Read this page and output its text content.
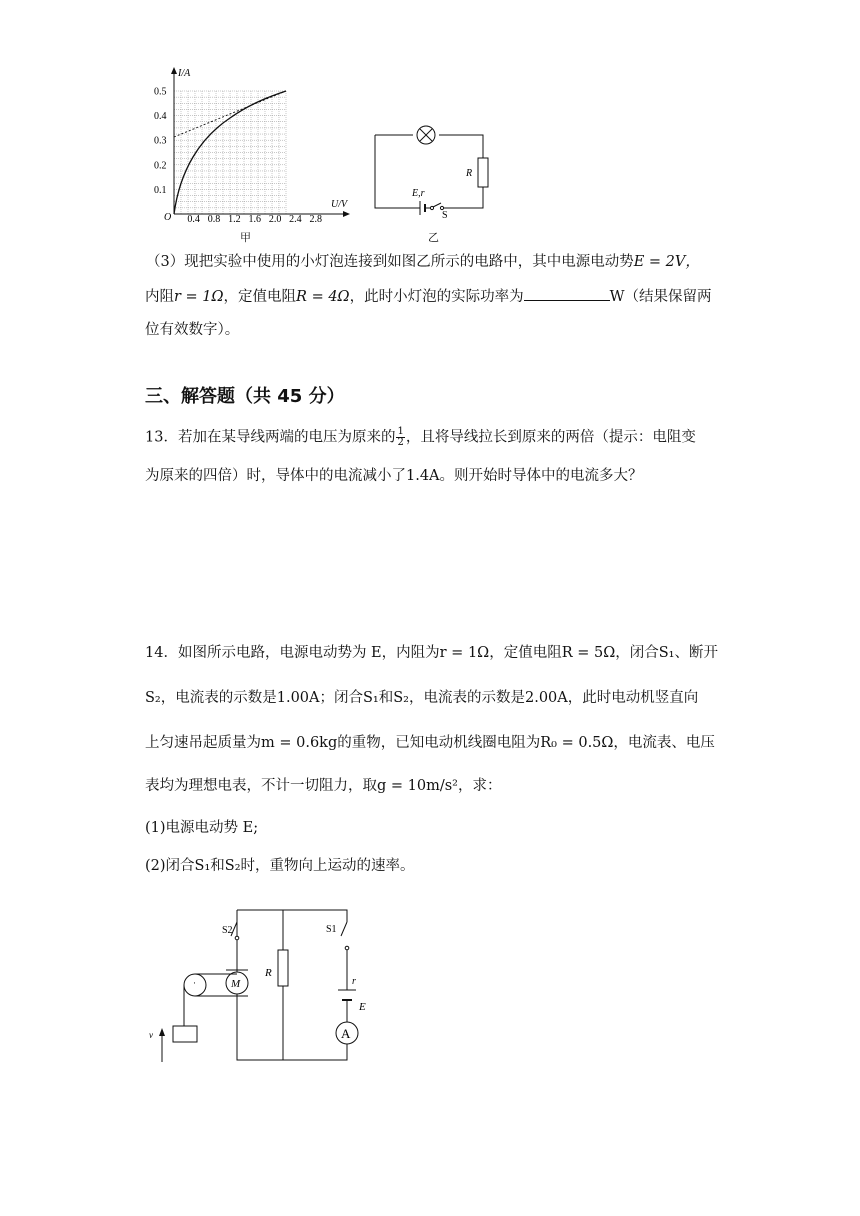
I/A
U/V
O
0.5
0.4
0.3
0.2
0.1
0.4 0.8 1.2 1.6 2.0 2.4 2.8
甲
R
E,r
S
乙
（3）现把实验中使用的小灯泡连接到如图乙所示的电路中，其中电源电动势E = 2V，
内阻r = 1Ω，定值电阻R = 4Ω，此时小灯泡的实际功率为	W（结果保留两
位有效数字）。
三、解答题（共 45 分）
13．若加在某导线两端的电压为原来的 $\frac{1}{2}$ ，且将导线拉长到原来的两倍（提示：电阻变
为原来的四倍）时，导体中的电流减小了1.4A。则开始时导体中的电流多大？
14．如图所示电路，电源电动势为 E，内阻为r = 1Ω，定值电阻R = 5Ω，闭合S₁、断开
S₂，电流表的示数是1.00A；闭合S₁和S₂，电流表的示数是2.00A，此时电动机竖直向
上匀速吊起质量为m = 0.6kg的重物，已知电动机线圈电阻为R₀ = 0.5Ω，电流表、电压
表均为理想电表，不计一切阻力，取g = 10m/s²，求：
(1)电源电动势 E;
(2)闭合S₁和S₂时，重物向上运动的速率。
S2	S1
R
M
·
v
r
E
A
